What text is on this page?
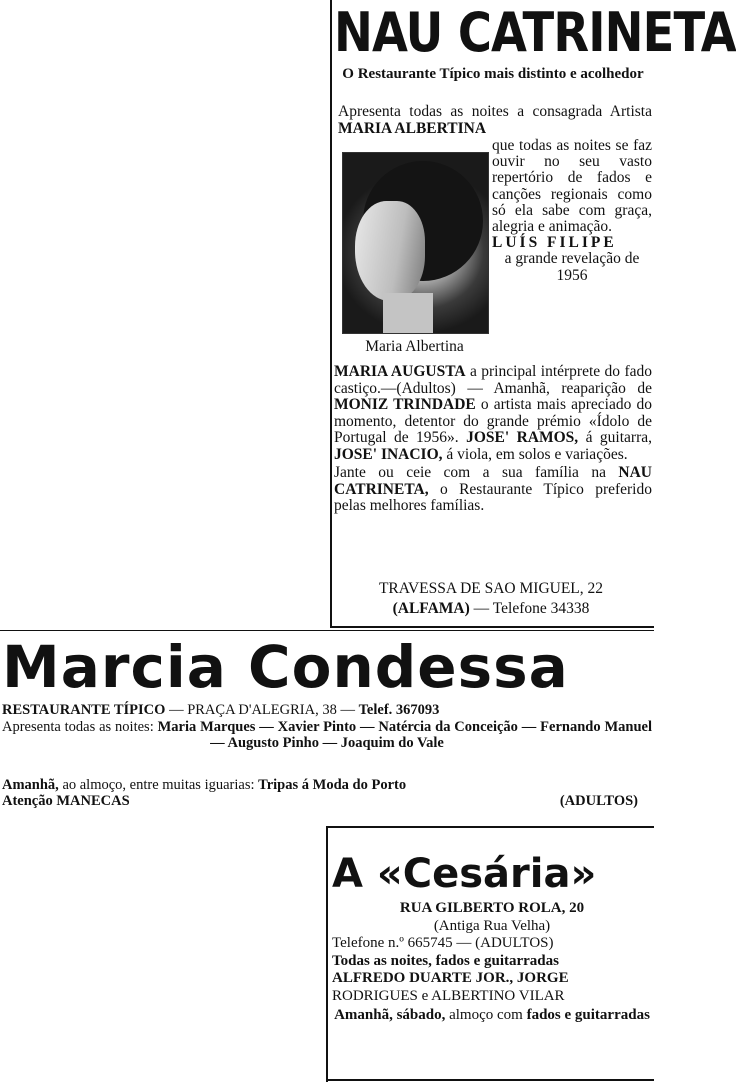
NAU CATRINETA
O Restaurante Típico mais distinto e acolhedor
Apresenta todas as noites a consagrada Artista MARIA ALBERTINA
Maria Albertina

que todas as noites se faz ouvir no seu vasto repertório de fados e canções regionais como só ela sabe com graça, alegria e animação.

LUÍS FILIPE

a grande revelação de 1956

MARIA AUGUSTA a principal intérprete do fado castiço.—(Adultos) — Amanhã, reaparição de MONIZ TRINDADE o artista mais apreciado do momento, detentor do grande prémio «Ídolo de Portugal de 1956». JOSE' RAMOS, á guitarra, JOSE' INACIO, á viola, em solos e variações.

Jante ou ceie com a sua família na NAU CATRINETA, o Restaurante Típico preferido pelas melhores famílias.

TRAVESSA DE SAO MIGUEL, 22
(ALFAMA) — Telefone 34338
Marcia Condessa
RESTAURANTE TÍPICO — PRAÇA D'ALEGRIA, 38 — Telef. 367093
Apresenta todas as noites: Maria Marques — Xavier Pinto — Natércia da Conceição — Fernando Manuel — Augusto Pinho — Joaquim do Vale

Amanhã, ao almoço, entre muitas iguarias: Tripas á Moda do Porto

Atenção MANECAS	(ADULTOS)

A «Cesária»

RUA GILBERTO ROLA, 20

(Antiga Rua Velha)

Telefone n.º 665745 — (ADULTOS)

Todas as noites, fados e guitarradas

ALFREDO DUARTE JOR., JORGE

RODRIGUES e ALBERTINO VILAR

Amanhã, sábado, almoço com fados e guitarradas
